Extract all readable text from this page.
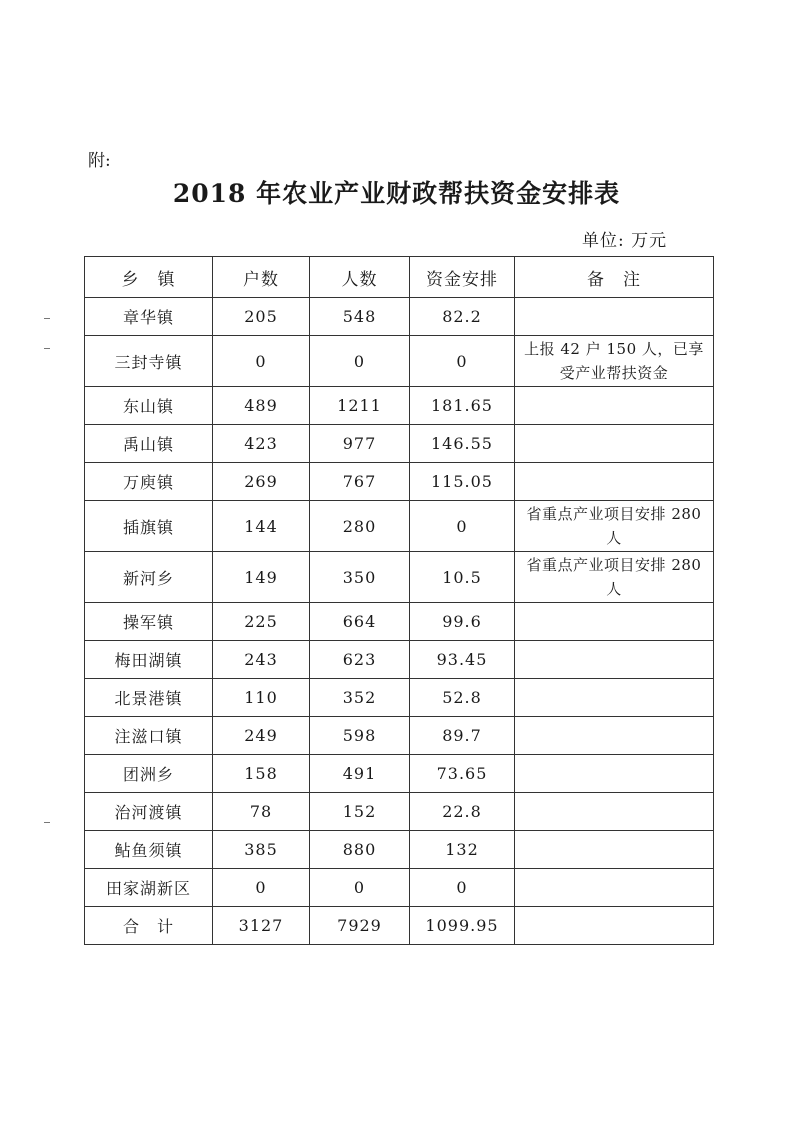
附:
2018 年农业产业财政帮扶资金安排表
单位: 万元
乡　镇	户数	人数	资金安排	备　注
章华镇	205	548	82.2	
三封寺镇	0	0	0	上报 42 户 150 人，已享受产业帮扶资金
东山镇	489	1211	181.65	
禹山镇	423	977	146.55	
万庾镇	269	767	115.05	
插旗镇	144	280	0	省重点产业项目安排 280 人
新河乡	149	350	10.5	省重点产业项目安排 280 人
操军镇	225	664	99.6	
梅田湖镇	243	623	93.45	
北景港镇	110	352	52.8	
注滋口镇	249	598	89.7	
团洲乡	158	491	73.65	
治河渡镇	78	152	22.8	
鲇鱼须镇	385	880	132	
田家湖新区	0	0	0	
合　计	3127	7929	1099.95	
